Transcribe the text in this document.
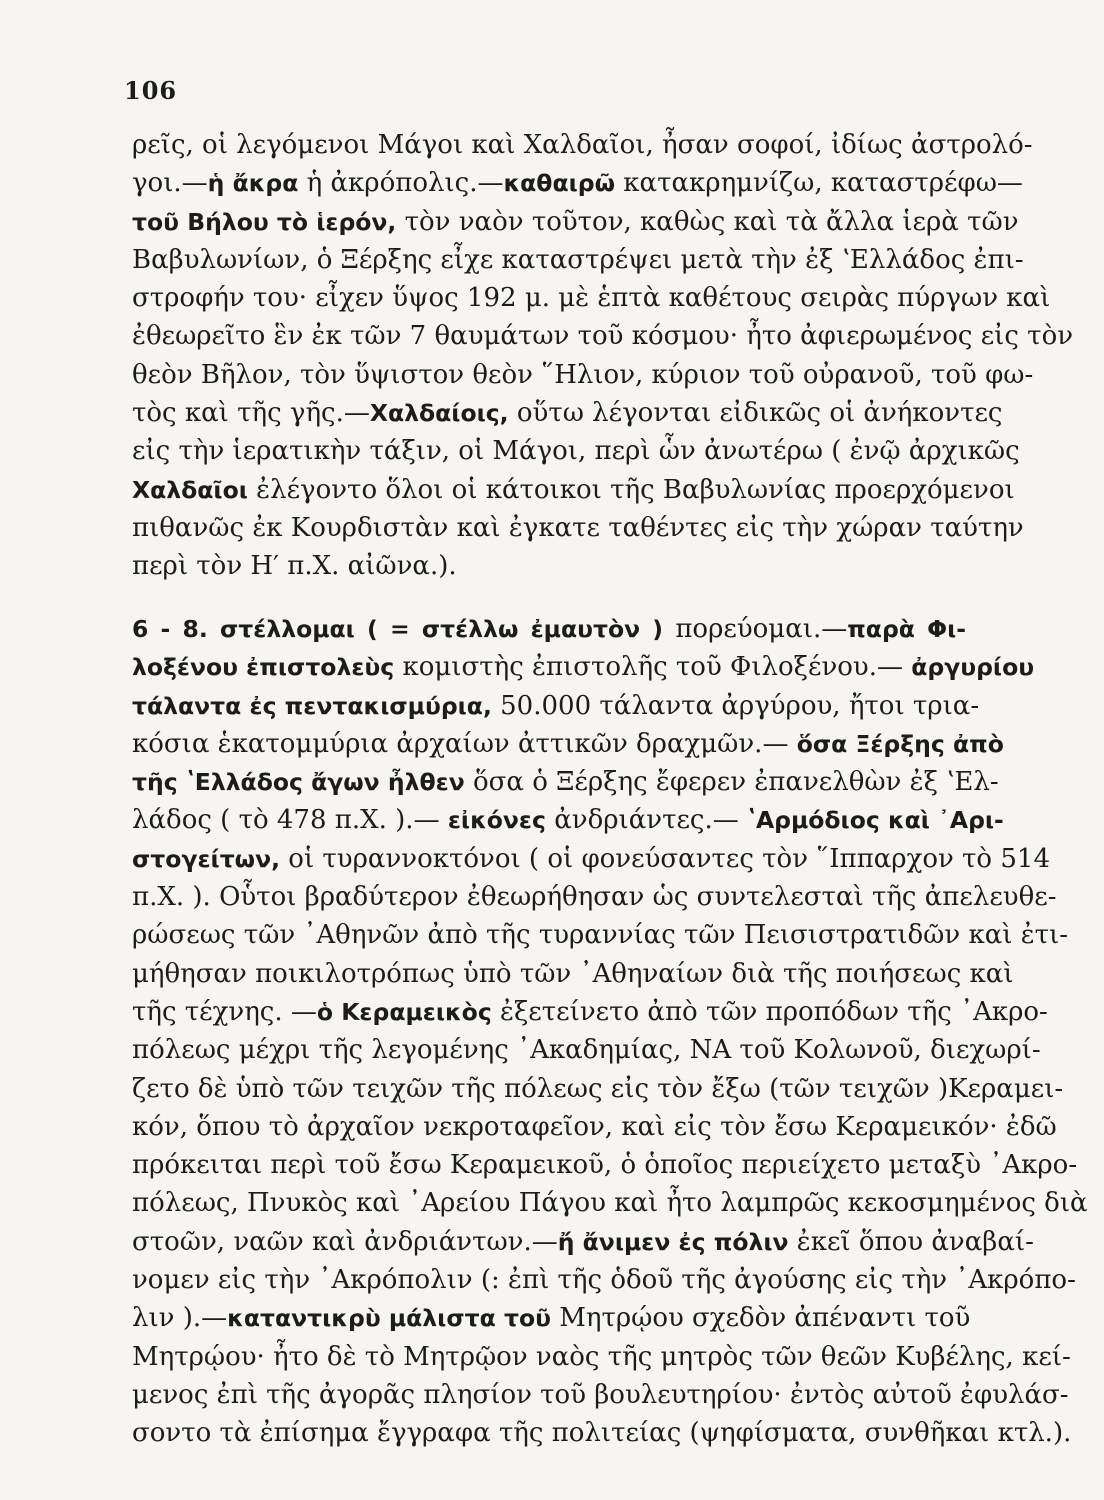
106
ρεῖς, οἱ λεγόμενοι Μάγοι καὶ Χαλδαῖοι, ἦσαν σοφοί, ἰδίως ἀστρολό-
γοι.—ἡ ἄκρα ἡ ἀκρόπολις.—καθαιρῶ κατακρημνίζω, καταστρέφω—
τοῦ Βήλου τὸ ἱερόν, τὸν ναὸν τοῦτον, καθὼς καὶ τὰ ἄλλα ἱερὰ τῶν
Βαβυλωνίων, ὁ Ξέρξης εἶχε καταστρέψει μετὰ τὴν ἐξ ʽΕλλάδος ἐπι-
στροφήν του· εἶχεν ὕψος 192 μ. μὲ ἑπτὰ καθέτους σειρὰς πύργων καὶ
ἐθεωρεῖτο ἓν ἐκ τῶν 7 θαυμάτων τοῦ κόσμου· ἦτο ἀφιερωμένος εἰς τὸν
θεὸν Βῆλον, τὸν ὕψιστον θεὸν ῞Ηλιον, κύριον τοῦ οὐρανοῦ, τοῦ φω-
τὸς καὶ τῆς γῆς.—Χαλδαίοις, οὕτω λέγονται εἰδικῶς οἱ ἀνήκοντες
εἰς τὴν ἱερατικὴν τάξιν, οἱ Μάγοι, περὶ ὧν ἀνωτέρω ( ἐνῷ ἀρχικῶς
Χαλδαῖοι ἐλέγοντο ὅλοι οἱ κάτοικοι τῆς Βαβυλωνίας προερχόμενοι
πιθανῶς ἐκ Κουρδιστὰν καὶ ἐγκατε ταθέντες εἰς τὴν χώραν ταύτην
περὶ τὸν Η′ π.Χ. αἰῶνα.).
6 - 8. στέλλομαι ( = στέλλω ἐμαυτὸν ) πορεύομαι.—παρὰ Φι-
λοξένου ἐπιστολεὺς κομιστὴς ἐπιστολῆς τοῦ Φιλοξένου.— ἀργυρίου
τάλαντα ἐς πεντακισμύρια, 50.000 τάλαντα ἀργύρου, ἤτοι τρια-
κόσια ἑκατομμύρια ἀρχαίων ἀττικῶν δραχμῶν.— ὅσα Ξέρξης ἀπὸ
τῆς ʽΕλλάδος ἄγων ἦλθεν ὅσα ὁ Ξέρξης ἔφερεν ἐπανελθὼν ἐξ ʽΕλ-
λάδος ( τὸ 478 π.Χ. ).— εἰκόνες ἀνδριάντες.— ʽΑρμόδιος καὶ ᾽Αρι-
στογείτων, οἱ τυραννοκτόνοι ( οἱ φονεύσαντες τὸν ῞Ιππαρχον τὸ 514
π.Χ. ). Οὗτοι βραδύτερον ἐθεωρήθησαν ὡς συντελεσταὶ τῆς ἀπελευθε-
ρώσεως τῶν ᾽Αθηνῶν ἀπὸ τῆς τυραννίας τῶν Πεισιστρατιδῶν καὶ ἐτι-
μήθησαν ποικιλοτρόπως ὑπὸ τῶν ᾽Αθηναίων διὰ τῆς ποιήσεως καὶ
τῆς τέχνης. —ὁ Κεραμεικὸς ἐξετείνετο ἀπὸ τῶν προπόδων τῆς ᾽Ακρο-
πόλεως μέχρι τῆς λεγομένης ᾽Ακαδημίας, ΝΑ τοῦ Κολωνοῦ, διεχωρί-
ζετο δὲ ὑπὸ τῶν τειχῶν τῆς πόλεως εἰς τὸν ἔξω (τῶν τειχῶν )Κεραμει-
κόν, ὅπου τὸ ἀρχαῖον νεκροταφεῖον, καὶ εἰς τὸν ἔσω Κεραμεικόν· ἐδῶ
πρόκειται περὶ τοῦ ἔσω Κεραμεικοῦ, ὁ ὁποῖος περιείχετο μεταξὺ ᾽Ακρο-
πόλεως, Πνυκὸς καὶ ᾽Αρείου Πάγου καὶ ἦτο λαμπρῶς κεκοσμημένος διὰ
στοῶν, ναῶν καὶ ἀνδριάντων.—ἤ ἄνιμεν ἐς πόλιν ἐκεῖ ὅπου ἀναβαί-
νομεν εἰς τὴν ᾽Ακρόπολιν (: ἐπὶ τῆς ὁδοῦ τῆς ἀγούσης εἰς τὴν ᾽Ακρόπο-
λιν ).—καταντικρὺ μάλιστα τοῦ Μητρῴου σχεδὸν ἀπέναντι τοῦ
Μητρῴου· ἦτο δὲ τὸ Μητρῷον ναὸς τῆς μητρὸς τῶν θεῶν Κυβέλης, κεί-
μενος ἐπὶ τῆς ἀγορᾶς πλησίον τοῦ βουλευτηρίου· ἐντὸς αὐτοῦ ἐφυλάσ-
σοντο τὰ ἐπίσημα ἔγγραφα τῆς πολιτείας (ψηφίσματα, συνθῆκαι κτλ.).
